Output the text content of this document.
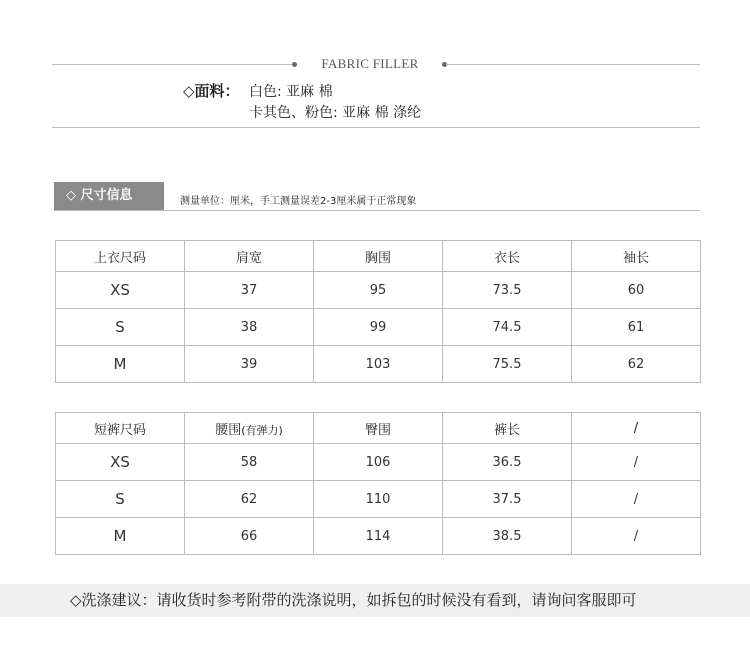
FABRIC FILLER
◇面料： 白色: 亚麻 棉
卡其色、粉色: 亚麻 棉 涤纶
◇ 尺寸信息	测量单位：厘米，手工测量误差2-3厘米属于正常现象
上衣尺码	肩宽	胸围	衣长	袖长
XS	37	95	73.5	60
S	38	99	74.5	61
M	39	103	75.5	62
短裤尺码	腰围(有弹力)	臀围	裤长	/
XS	58	106	36.5	/
S	62	110	37.5	/
M	66	114	38.5	/
◇洗涤建议：请收货时参考附带的洗涤说明，如拆包的时候没有看到，请询问客服即可
